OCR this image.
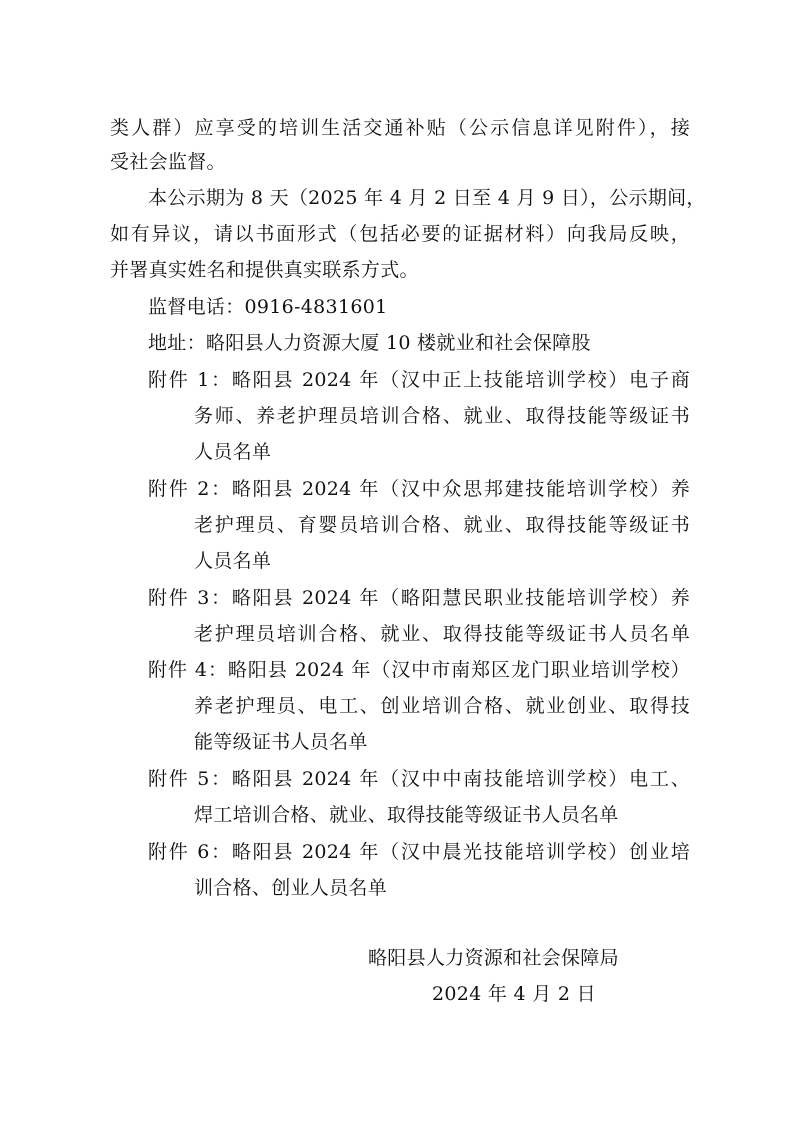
类人群）应享受的培训生活交通补贴（公示信息详见附件），接
受社会监督。
本公示期为 8 天（2025 年 4 月 2 日至 4 月 9 日），公示期间，
如有异议，请以书面形式（包括必要的证据材料）向我局反映，
并署真实姓名和提供真实联系方式。
监督电话：0916-4831601
地址：略阳县人力资源大厦 10 楼就业和社会保障股
附件 1：略阳县 2024 年（汉中正上技能培训学校）电子商
务师、养老护理员培训合格、就业、取得技能等级证书
人员名单
附件 2：略阳县 2024 年（汉中众思邦建技能培训学校）养
老护理员、育婴员培训合格、就业、取得技能等级证书
人员名单
附件 3：略阳县 2024 年（略阳慧民职业技能培训学校）养
老护理员培训合格、就业、取得技能等级证书人员名单
附件 4：略阳县 2024 年（汉中市南郑区龙门职业培训学校）
养老护理员、电工、创业培训合格、就业创业、取得技
能等级证书人员名单
附件 5：略阳县 2024 年（汉中中南技能培训学校）电工、
焊工培训合格、就业、取得技能等级证书人员名单
附件 6：略阳县 2024 年（汉中晨光技能培训学校）创业培
训合格、创业人员名单
略阳县人力资源和社会保障局
2024 年 4 月 2 日
